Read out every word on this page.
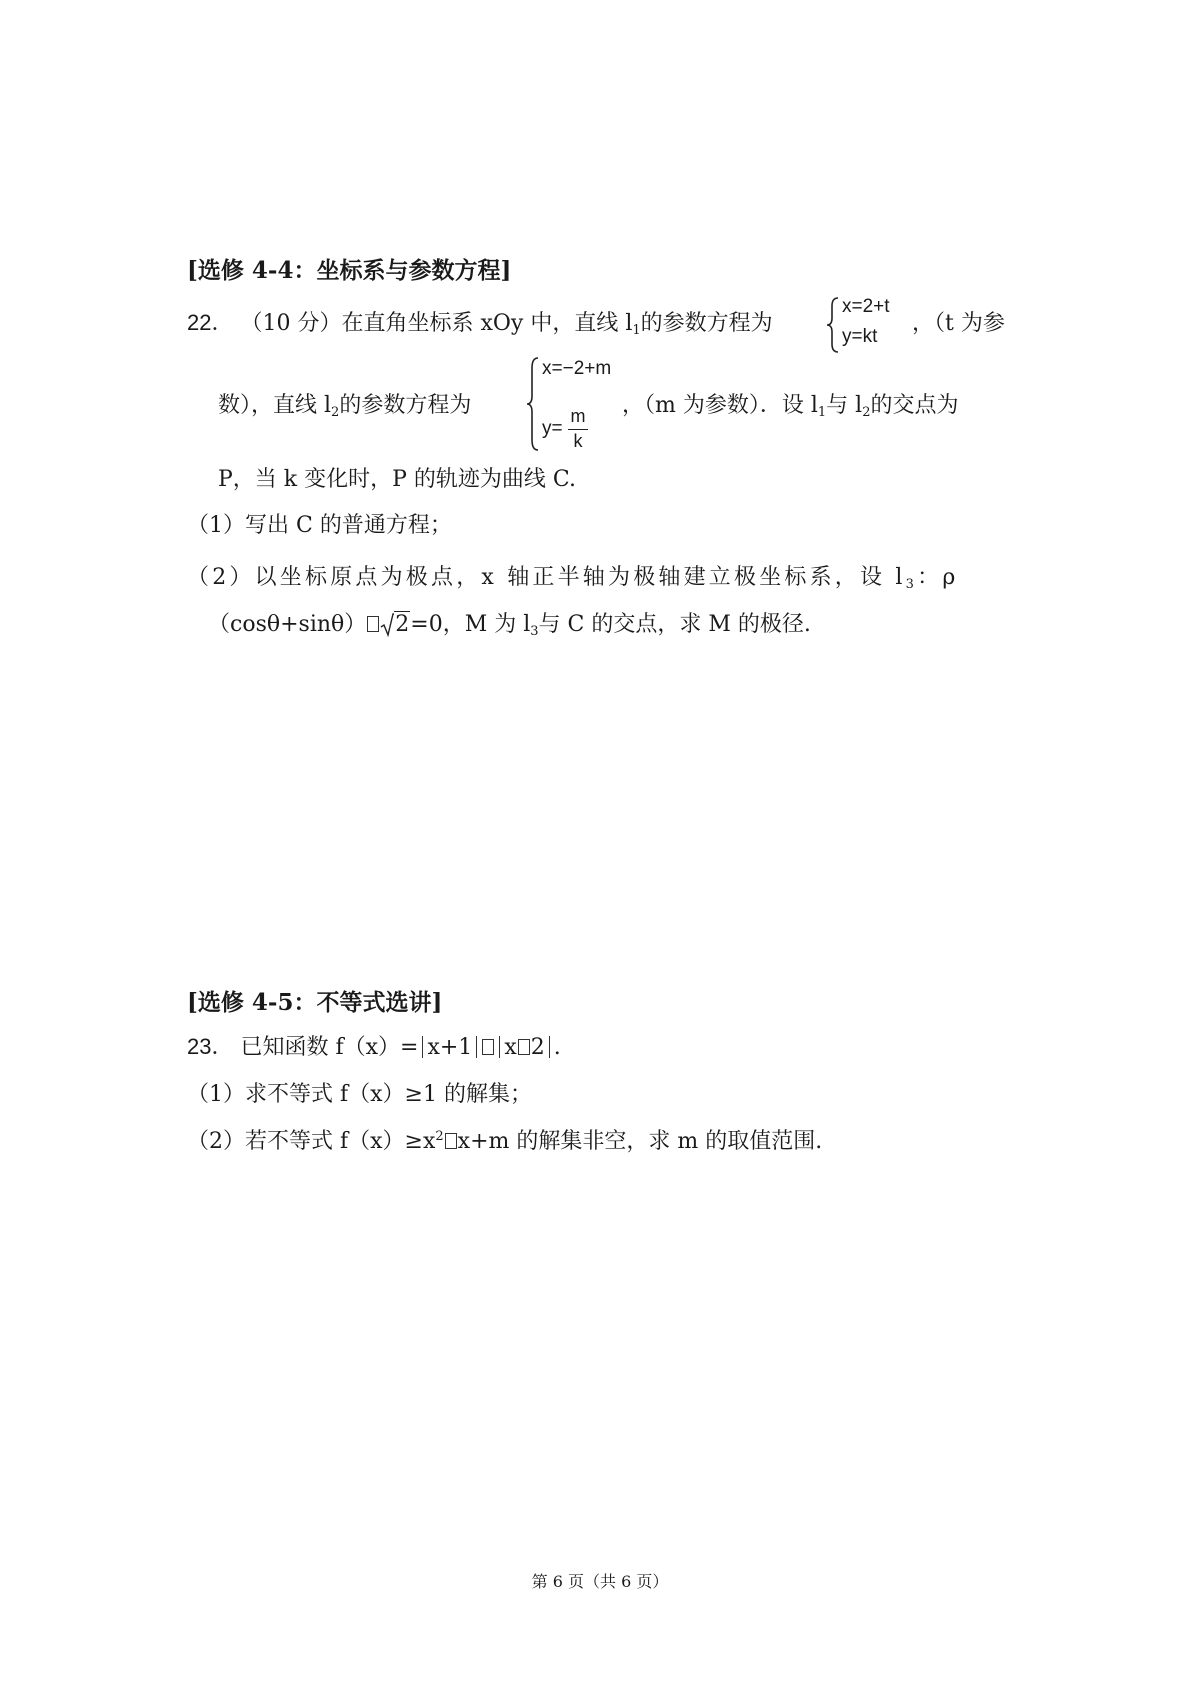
[选修 4-4：坐标系与参数方程]
22． （10 分）在直角坐标系 xOy 中，直线 $l_1$的参数方程为
x=2+t
y=kt
，（t 为参
数），直线 $l_2$的参数方程为
x=−2+m
y=
m
k
，（m 为参数）．设 $l_1$与 $l_2$的交点为
P，当 k 变化时，P 的轨迹为曲线 C.
（1）写出 C 的普通方程；
（2）以坐标原点为极点，x 轴正半轴为极轴建立极坐标系，设 $l_3$：ρ
（cosθ+sinθ） 2=0，M 为 $l_3$与 C 的交点，求 M 的极径.
[选修 4-5：不等式选讲]
23． 已知函数 f（x）= x+1 x 2 .
（1）求不等式 f（x）≥1 的解集；
（2）若不等式 $f(x)\ge x^2$ x+m 的解集非空，求 m 的取值范围.
第 6 页（共 6 页）
